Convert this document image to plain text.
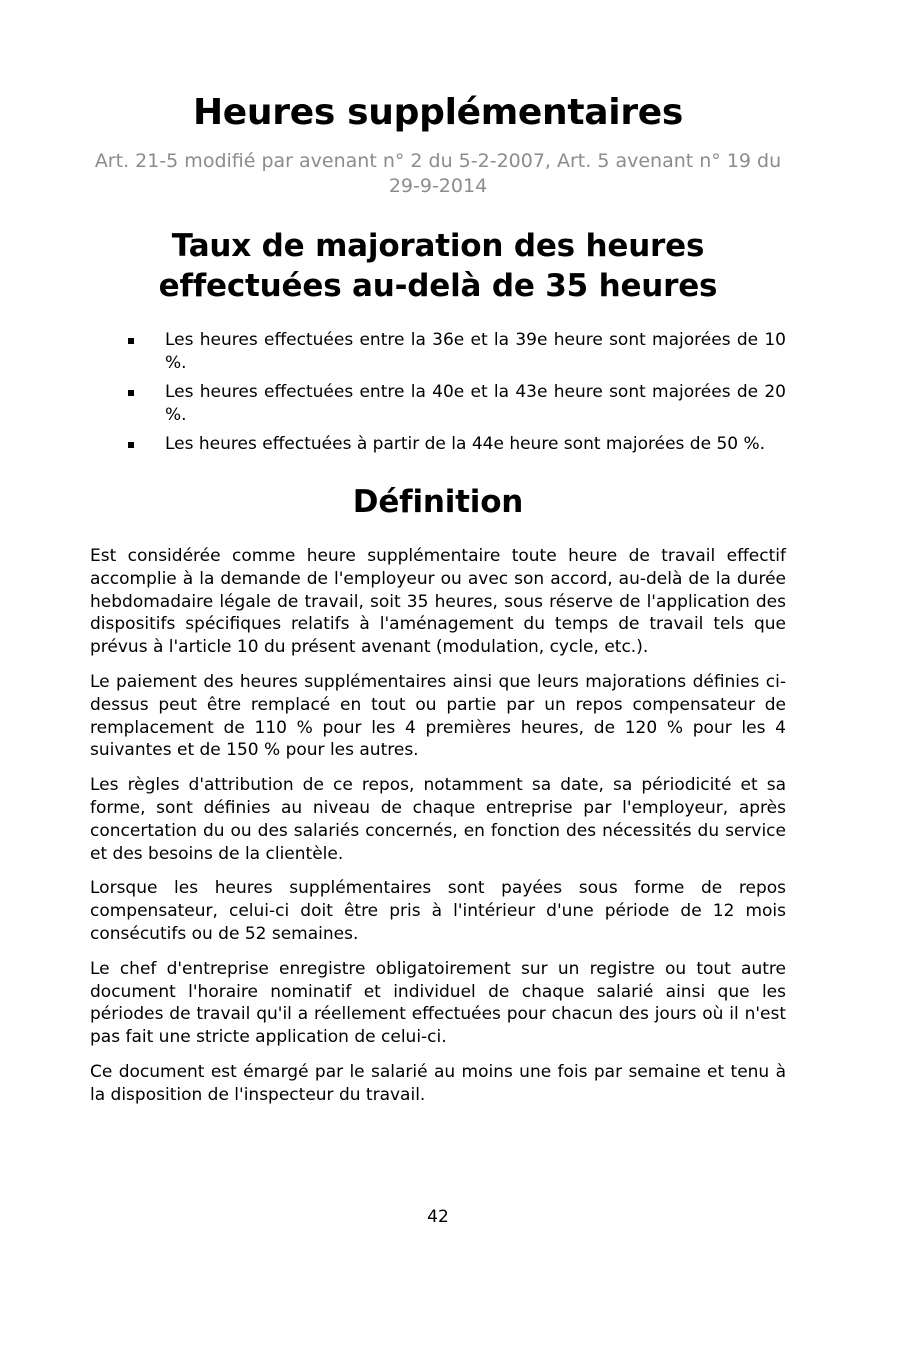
Heures supplémentaires

Art. 21-5 modifié par avenant n° 2 du 5-2-2007, Art. 5 avenant n° 19 du 29-9-2014

Taux de majoration des heures effectuées au-delà de 35 heures
Les heures effectuées entre la 36e et la 39e heure sont majorées de 10 %.
Les heures effectuées entre la 40e et la 43e heure sont majorées de 20 %.
Les heures effectuées à partir de la 44e heure sont majorées de 50 %.
Définition

Est considérée comme heure supplémentaire toute heure de travail effectif accomplie à la demande de l'employeur ou avec son accord, au-delà de la durée hebdomadaire légale de travail, soit 35 heures, sous réserve de l'application des dispositifs spécifiques relatifs à l'aménagement du temps de travail tels que prévus à l'article 10 du présent avenant (modulation, cycle, etc.).

Le paiement des heures supplémentaires ainsi que leurs majorations définies ci-dessus peut être remplacé en tout ou partie par un repos compensateur de remplacement de 110 % pour les 4 premières heures, de 120 % pour les 4 suivantes et de 150 % pour les autres.

Les règles d'attribution de ce repos, notamment sa date, sa périodicité et sa forme, sont définies au niveau de chaque entreprise par l'employeur, après concertation du ou des salariés concernés, en fonction des nécessités du service et des besoins de la clientèle.

Lorsque les heures supplémentaires sont payées sous forme de repos compensateur, celui-ci doit être pris à l'intérieur d'une période de 12 mois consécutifs ou de 52 semaines.

Le chef d'entreprise enregistre obligatoirement sur un registre ou tout autre document l'horaire nominatif et individuel de chaque salarié ainsi que les périodes de travail qu'il a réellement effectuées pour chacun des jours où il n'est pas fait une stricte application de celui-ci.

Ce document est émargé par le salarié au moins une fois par semaine et tenu à la disposition de l'inspecteur du travail.

42
